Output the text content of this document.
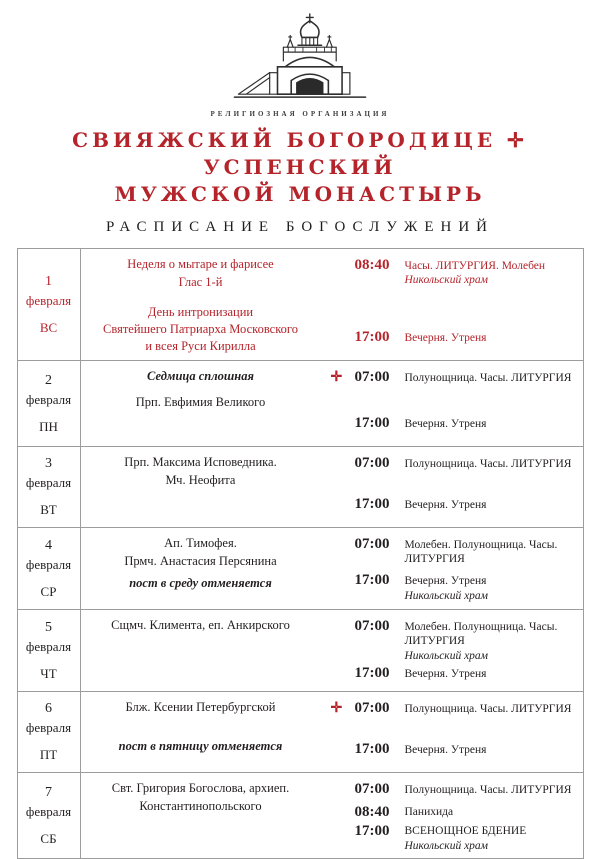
РЕЛИГИОЗНАЯ ОРГАНИЗАЦИЯ
СВИЯЖСКИЙ БОГОРОДИЦЕ ✛ УСПЕНСКИЙ
МУЖСКОЙ МОНАСТЫРЬ
РАСПИСАНИЕ БОГОСЛУЖЕНИЙ
1
февраля
ВС
Неделя о мытаре и фарисее
Глас 1-й
День интронизации
Святейшего Патриарха Московского
и всея Руси Кирилла
08:40	Часы. ЛИТУРГИЯ. Молебен
Никольский храм
17:00	Вечерня. Утреня
2
февраля
ПН
Седмица сплошная
Прп. Евфимия Великого
✛ 07:00	Полунощница. Часы. ЛИТУРГИЯ
17:00	Вечерня. Утреня
3
февраля
ВТ
Прп. Максима Исповедника.
Мч. Неофита
07:00	Полунощница. Часы. ЛИТУРГИЯ
17:00	Вечерня. Утреня
4
февраля
СР
Ап. Тимофея.
Прмч. Анастасия Персянина
пост в среду отменяется
07:00	Молебен. Полунощница. Часы. ЛИТУРГИЯ
17:00	Вечерня. Утреня
Никольский храм
5
февраля
ЧТ
Сщмч. Климента, еп. Анкирского	07:00	Молебен. Полунощница. Часы. ЛИТУРГИЯ
Никольский храм
17:00	Вечерня. Утреня
6
февраля
ПТ
Блж. Ксении Петербургской
пост в пятницу отменяется
✛ 07:00	Полунощница. Часы. ЛИТУРГИЯ
17:00	Вечерня. Утреня
7
февраля
СБ
Свт. Григория Богослова, архиеп.
Константинопольского
07:00	Полунощница. Часы. ЛИТУРГИЯ
08:40	Панихида
17:00	ВСЕНОЩНОЕ БДЕНИЕ
Никольский храм
